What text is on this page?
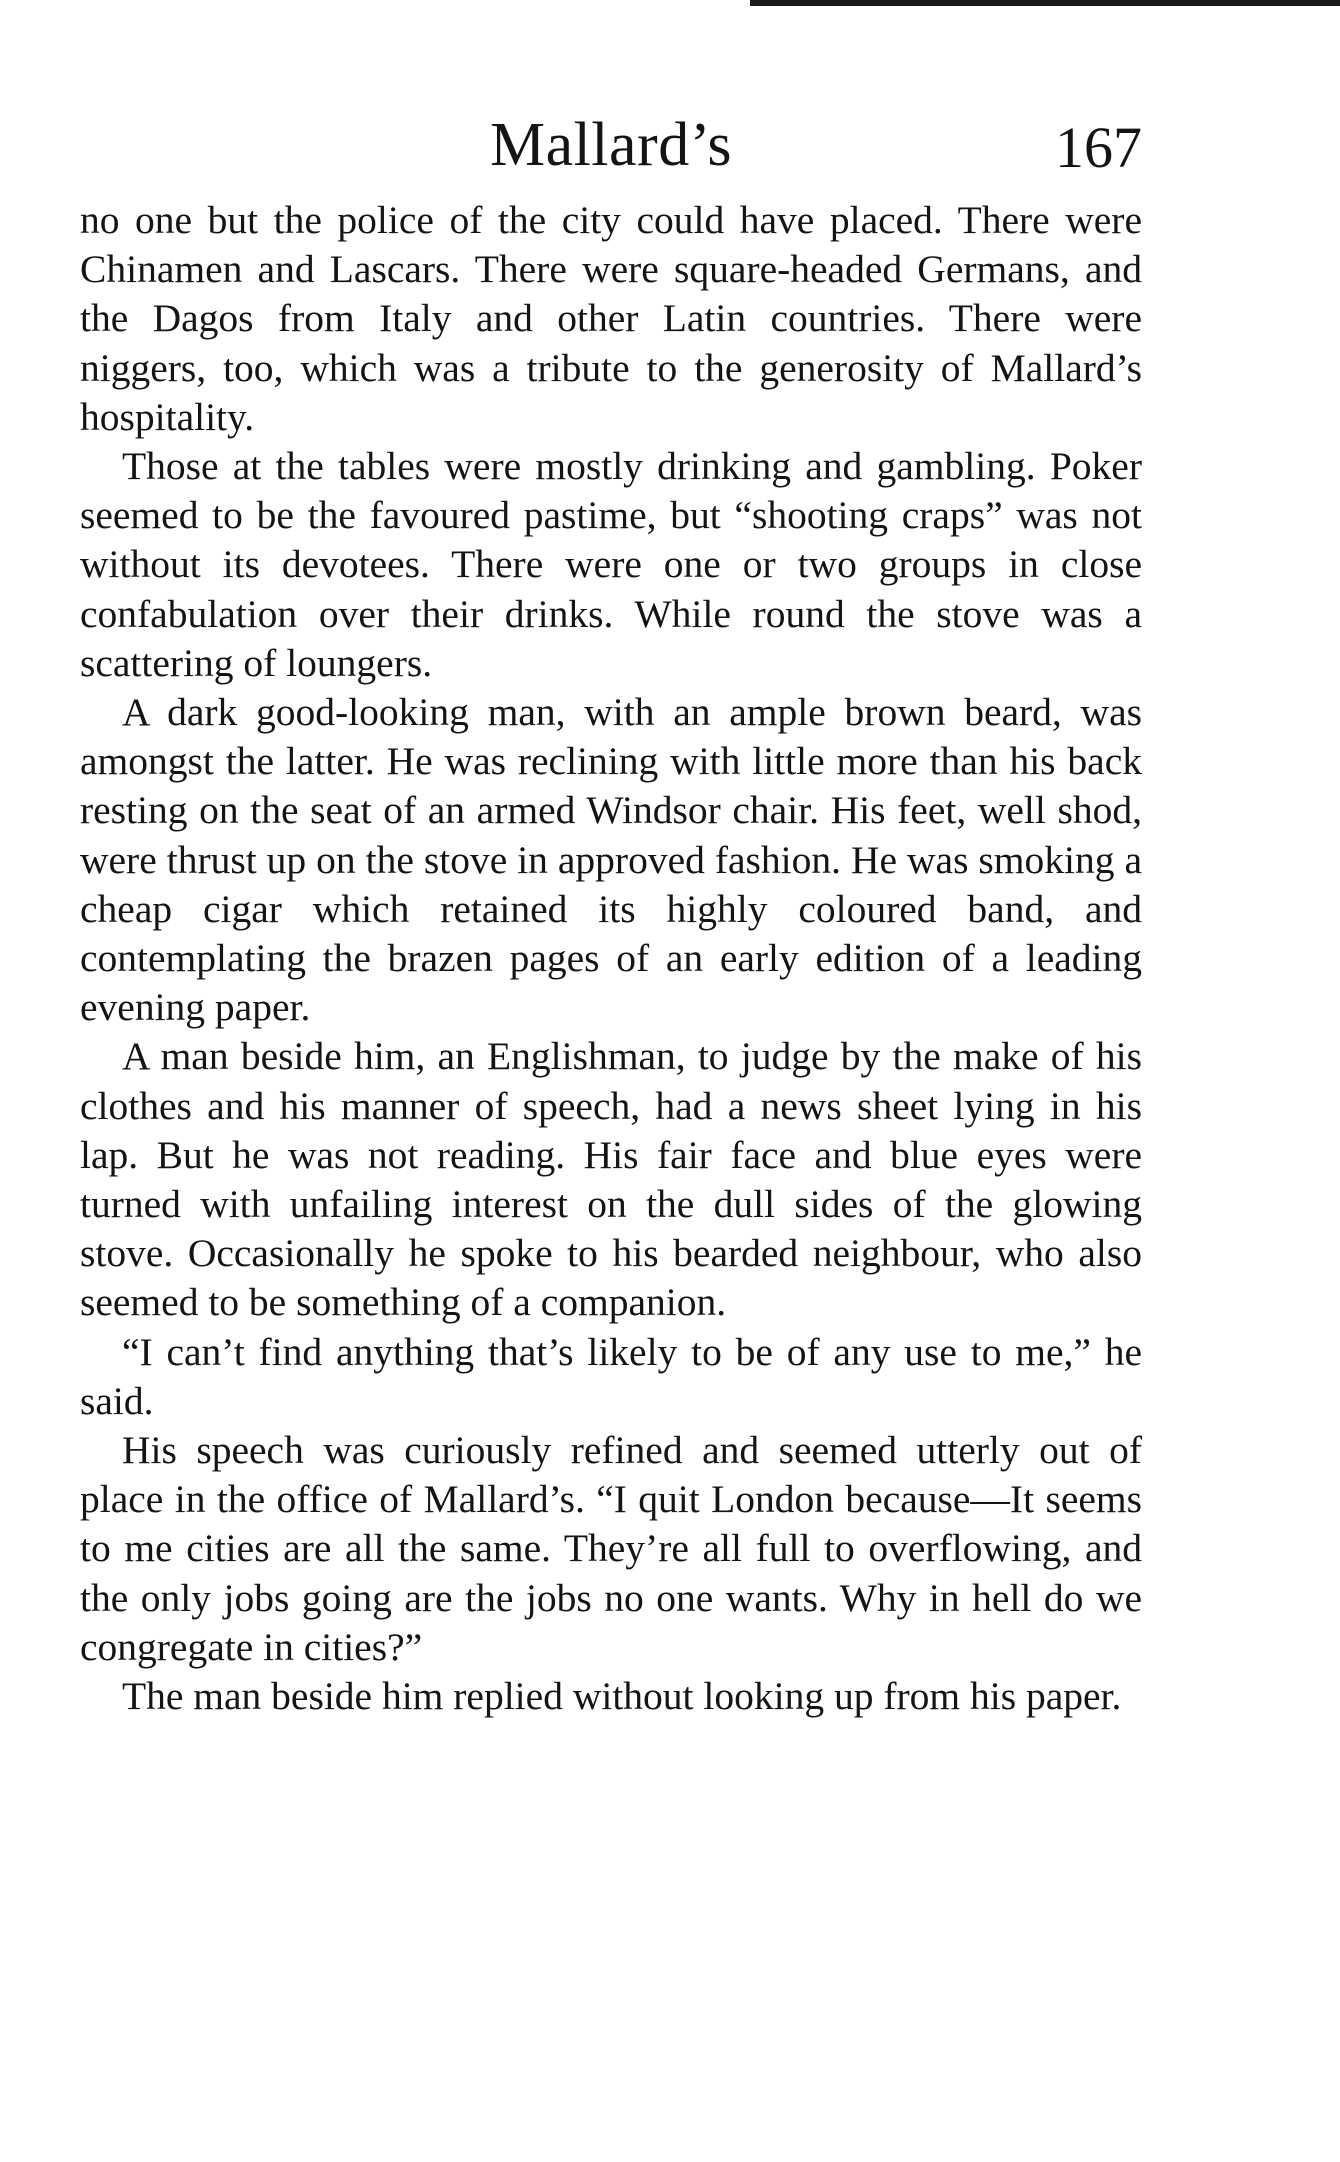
Mallard’s	167

no one but the police of the city could have placed. There were Chinamen and Lascars. There were square-headed Germans, and the Dagos from Italy and other Latin countries. There were niggers, too, which was a tribute to the generosity of Mallard’s hospitality.

Those at the tables were mostly drinking and gambling. Poker seemed to be the favoured pastime, but “shooting craps” was not without its devotees. There were one or two groups in close confabulation over their drinks. While round the stove was a scattering of loungers.

A dark good-looking man, with an ample brown beard, was amongst the latter. He was reclining with little more than his back resting on the seat of an armed Windsor chair. His feet, well shod, were thrust up on the stove in approved fashion. He was smoking a cheap cigar which retained its highly coloured band, and contemplating the brazen pages of an early edition of a leading evening paper.

A man beside him, an Englishman, to judge by the make of his clothes and his manner of speech, had a news sheet lying in his lap. But he was not reading. His fair face and blue eyes were turned with unfailing interest on the dull sides of the glowing stove. Occasionally he spoke to his bearded neighbour, who also seemed to be something of a companion.

“I can’t find anything that’s likely to be of any use to me,” he said.

His speech was curiously refined and seemed utterly out of place in the office of Mallard’s. “I quit London because—It seems to me cities are all the same. They’re all full to overflowing, and the only jobs going are the jobs no one wants. Why in hell do we congregate in cities?”

The man beside him replied without looking up from his paper.
